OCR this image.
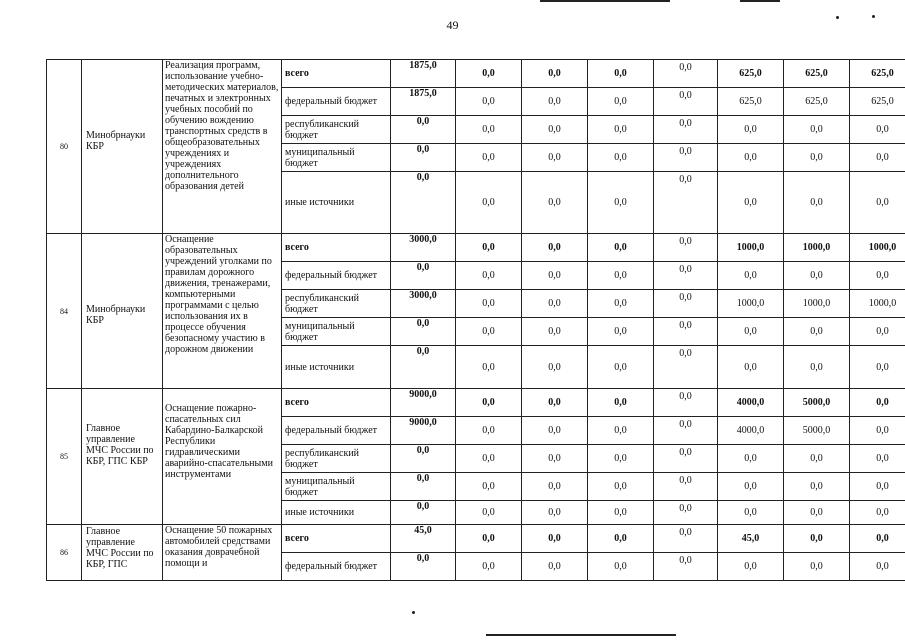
49
80	Минобрнауки КБР	Реализация программ, использование учебно-методических материалов, печатных и электронных учебных пособий по обучению вождению транспортных средств в общеобразовательных учреждениях и учреждениях дополнительного образования детей	всего	1875,0	0,0	0,0	0,0	0,0	625,0	625,0	625,0
			федеральный бюджет	1875,0	0,0	0,0	0,0	0,0	625,0	625,0	625,0
			республиканский бюджет	0,0	0,0	0,0	0,0	0,0	0,0	0,0	0,0
			муниципальный бюджет	0,0	0,0	0,0	0,0	0,0	0,0	0,0	0,0
			иные источники	0,0	0,0	0,0	0,0	0,0	0,0	0,0	0,0
84	Минобрнауки КБР	Оснащение образовательных учреждений уголками по правилам дорожного движения, тренажерами, компьютерными программами с целью использования их в процессе обучения безопасному участию в дорожном движении	всего	3000,0	0,0	0,0	0,0	0,0	1000,0	1000,0	1000,0
			федеральный бюджет	0,0	0,0	0,0	0,0	0,0	0,0	0,0	0,0
			республиканский бюджет	3000,0	0,0	0,0	0,0	0,0	1000,0	1000,0	1000,0
			муниципальный бюджет	0,0	0,0	0,0	0,0	0,0	0,0	0,0	0,0
			иные источники	0,0	0,0	0,0	0,0	0,0	0,0	0,0	0,0
85	Главное управление МЧС России по КБР, ГПС КБР	Оснащение пожарно-спасательных сил Кабардино-Балкарской Республики гидравлическими аварийно-спасательными инструментами	всего	9000,0	0,0	0,0	0,0	0,0	4000,0	5000,0	0,0
			федеральный бюджет	9000,0	0,0	0,0	0,0	0,0	4000,0	5000,0	0,0
			республиканский бюджет	0,0	0,0	0,0	0,0	0,0	0,0	0,0	0,0
			муниципальный бюджет	0,0	0,0	0,0	0,0	0,0	0,0	0,0	0,0
			иные источники	0,0	0,0	0,0	0,0	0,0	0,0	0,0	0,0
86	Главное управление МЧС России по КБР, ГПС	Оснащение 50 пожарных автомобилей средствами оказания доврачебной помощи и	всего	45,0	0,0	0,0	0,0	0,0	45,0	0,0	0,0
			федеральный бюджет	0,0	0,0	0,0	0,0	0,0	0,0	0,0	0,0
